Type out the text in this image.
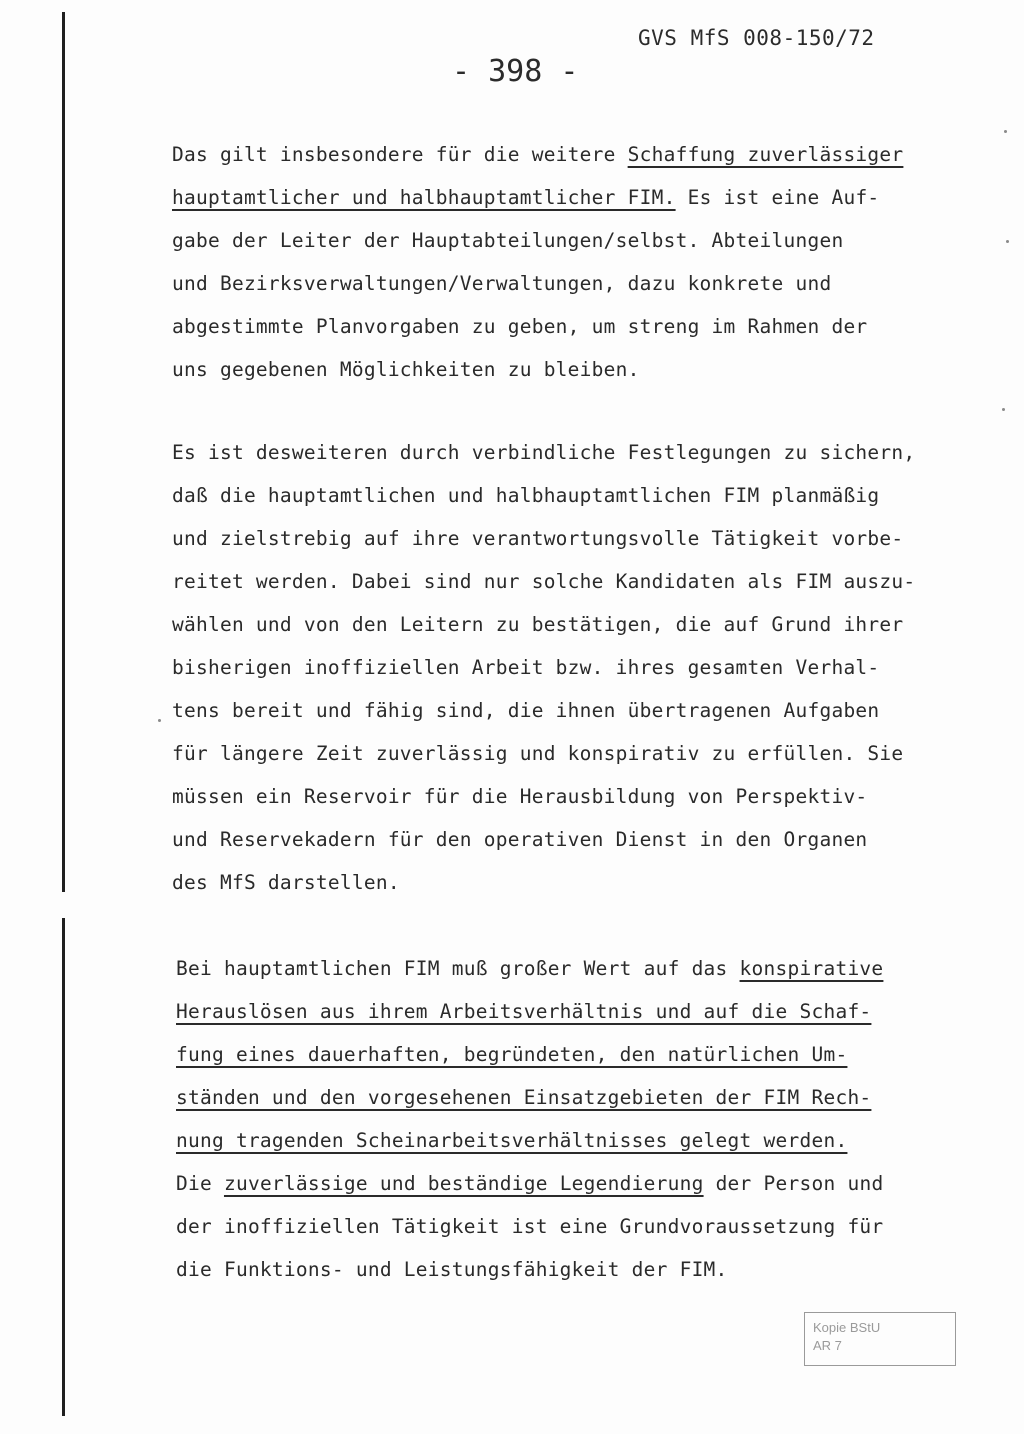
GVS MfS 008-150/72
- 398 -
Das gilt insbesondere für die weitere Schaffung zuverlässiger
hauptamtlicher und halbhauptamtlicher FIM. Es ist eine Auf-
gabe der Leiter der Hauptabteilungen/selbst. Abteilungen
und Bezirksverwaltungen/Verwaltungen, dazu konkrete und
abgestimmte Planvorgaben zu geben, um streng im Rahmen der
uns gegebenen Möglichkeiten zu bleiben.
Es ist desweiteren durch verbindliche Festlegungen zu sichern,
daß die hauptamtlichen und halbhauptamtlichen FIM planmäßig
und zielstrebig auf ihre verantwortungsvolle Tätigkeit vorbe-
reitet werden. Dabei sind nur solche Kandidaten als FIM auszu-
wählen und von den Leitern zu bestätigen, die auf Grund ihrer
bisherigen inoffiziellen Arbeit bzw. ihres gesamten Verhal-
tens bereit und fähig sind, die ihnen übertragenen Aufgaben
für längere Zeit zuverlässig und konspirativ zu erfüllen. Sie
müssen ein Reservoir für die Herausbildung von Perspektiv-
und Reservekadern für den operativen Dienst in den Organen
des MfS darstellen.
Bei hauptamtlichen FIM muß großer Wert auf das konspirative
Herauslösen aus ihrem Arbeitsverhältnis und auf die Schaf-
fung eines dauerhaften, begründeten, den natürlichen Um-
ständen und den vorgesehenen Einsatzgebieten der FIM Rech-
nung tragenden Scheinarbeitsverhältnisses gelegt werden.
Die zuverlässige und beständige Legendierung der Person und
der inoffiziellen Tätigkeit ist eine Grundvoraussetzung für
die Funktions- und Leistungsfähigkeit der FIM.
Kopie BStU
AR 7
